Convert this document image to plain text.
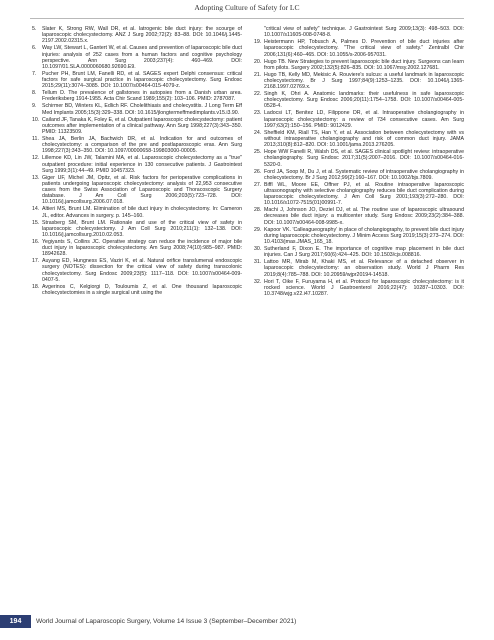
Adopting Culture of Safety for LC
5.	Slater K, Strong RW, Wall DR, et al. Iatrogenic bile duct injury: the scourge of laparoscopic cholecystectomy. ANZ J Surg 2002;72(2): 83–88. DOI: 10.1046/j.1445-2197.2002.02315.x.
6.	Way LW, Stewart L, Gantert W, et al. Causes and prevention of laparoscopic bile duct injuries: analysis of 252 cases from a human factors and cognitive psychology perspective. Ann Surg 2003;237(4): 460–469. DOI: 10.1097/01.SLA.0000060680.92690.E9.
7.	Pucher PH, Brunt LM, Fanelli RD, et al. SAGES expert Delphi consensus: critical factors for safe surgical practice in laparoscopic cholecystectomy. Surg Endosc 2015;29(11):3074–3085. DOI: 10.1007/s00464-015-4079-z.
8.	Tellum D. The prevalence of gallstones in autopsies from a Danish urban area. Frederiksberg 1914-1955. Acta Chir Scand 1989;155(2): 103–106. PMID: 2787087.
9.	Schirmer BD, Winters KL, Edlich RF. Cholelithiasis and cholecystitis. J Long Term Eff Med Implants 2005;15(3):329–338. DOI: 10.1615/jlongtermeffmedimplants.v15.i3.90.
10. Cailand JF, Tanaka K, Foley E, et al. Outpatient laparoscopic cholecystectomy: patient outcomes after implementation of a clinical pathway. Ann Surg 1998;227(3):343–350. PMID: 11323509.
11. Shea JA, Berlin JA, Bachwich DR, et al. Indication for and outcomes of cholecystectomy: a comparison of the pre and postlaparoscopic eras. Ann Surg 1998;227(3):343–350. DOI: 10.1097/00000658-199803000-00005.
12. Lillemoe KD, Lin JW, Talamini MA, et al. Laparoscopic cholecystectomy as a "true" outpatient procedure: initial experience in 130 consecutive patients. J Gastrointest Surg 1999;3(1):44–49. PMID 10457323.
13. Giger UF, Michel JM, Opitz, et al. Risk factors for perioperative complications in patients undergoing laparoscopic cholecystectomy: analysis of 22,953 consecutive cases from the Swiss Association of Laparoscopic and Thoracoscopic Surgery database. J Am Coll Surg 2006;203(5):723–728. DOI: 10.1016/j.jamcollsurg.2006.07.018.
14. Altieri MS, Brunt LM. Elimination of bile duct injury in cholecystectomy. In: Cameron JL, editor. Advances in surgery. p. 145–160.
15. Strasberg SM, Brunt LM. Rationale and use of the critical view of safety in laparoscopic cholecystectomy. J Am Coll Surg 2010;211(1): 132–138. DOI: 10.1016/j.jamcollsurg.2010.02.053.
16. Yegiyants S, Collins JC. Operative strategy can reduce the incidence of major bile duct injury in laparoscopic cholecystectomy. Am Surg 2008;74(10):985–987. PMID: 18942628.
17. Auyang ED, Hungness ES, Vaziri K, et al. Natural orifice translumenal endoscopic surgery (NOTES): dissection for the critical view of safety during transcolonic cholecystectomy. Surg Endosc 2009;23(5): 1117–118. DOI: 10.1007/s00464-009-0407-5.
18. Avgerinos C, Kelgiorgi D, Touloumis Z, et al. One thousand laparoscopic cholecystectomies in a single surgical unit using the
"critical view of safety" technique. J Gastrointest Surg 2009;13(3): 498–503. DOI: 10.1007/s11605-008-0748-8.
19. Heistermann HP, Tobusch A, Palmes D. Prevention of bile duct injuries after laparoscopic cholecystectomy. "The critical view of safety." Zentralbl Chir 2006;131(6):460–465. DOI: 10.1055/s-2006-957031.
20. Hugo TB. New Strategies to prevent laparoscopic bile duct injury. Surgeons can learn from pilots. Surgery 2002;132(5):826–835. DOI: 10.1067/msy.2002.127681.
21. Hugo TB, Kelly MD, Mekisic A. Rouviere's sulcus: a useful landmark in laparoscopic cholecystectomy. Br J Surg 1997;84(9):1253–1235. DOI: 10.1046/j.1365-2168.1997.02769.x.
22. Singh K, Ohri A. Anatomic landmarks: their usefulness in safe laparoscopic cholecystectomy. Surg Endosc 2006;20(11):1754–1758. DOI: 10.1007/s00464-005-0528-4.
23. Ladocsi LT, Benitez LD, Filippone DR, et al. Intraoperative cholangiography in laparoscopic cholecystectomy: a review of 734 consecutive cases. Am Surg 1997;63(2):150–156. PMID: 9012429.
24. Sheffield KM, Riall TS, Han Y, et al. Association between cholecystectomy with vs without intraoperative cholangiography and risk of common duct injury. JAMA 2013;310(8):812–820. DOI: 10.1001/jama.2013.276205.
25. Hope WW Fanelli R, Walsh DS, et al. SAGES clinical spotlight review: intraoperative cholangiography. Surg Endosc 2017;31(5):2007–2016. DOI: 10.1007/s00464-016-5320-0.
26. Ford JA, Soop M, Du J, et al. Systematic review of intraoperative cholangiography in cholecystectomy. Br J Surg 2012;99(2):160–167. DOI: 10.1002/bjs.7809.
27. Biffl WL, Moore EE, Offner PJ, et al. Routine intraoperative laparoscopic ultrasonography with selective cholangiography reduces bile duct complication during laparoscopic cholecystectomy. J Am Coll Surg 2001;193(3):272–280. DOI: 10.1016/s1072-7515(01)00991-7.
28. Machi J, Johnson JO, Deziel DJ, et al. The routine use of laparoscopic ultrasound decreases bile duct injury: a multicenter study. Surg Endosc 2009;23(2):384–388. DOI: 10.1007/s00464-008-9985-x.
29. Kapoor VK. 'Calleagueography' in place of cholangiography, to prevent bile duct injury during laparoscopic cholecystectomy. J Minim Access Surg 2019;15(3):273–274. DOI: 10.4103/jmas.JMAS_165_18.
30. Sutherland F, Dixon E. The importance of cognitive map placement in bile duct injuries. Can J Surg 2017;60(6):424–425. DOI: 10.1503/cjs.008816.
31. Lattoo MR, Mirab M, Khaki MS, et al. Relevance of a detached observer in laparoscopic cholecystectomy: an observation study. World J Pharm Res 2019;8(4):785–788. DOI: 10.20959/wjpr20194-14518.
32. Hori T, Oike F, Furuyama H, et al. Protocol for laparoscopic cholecystectomy: is it rocked science. World J Gastroenterol 2016;22(47): 10287–10303. DOI: 10.3748/wjg.v22.i47.10287.
194	World Journal of Laparoscopic Surgery, Volume 14 Issue 3 (September–December 2021)
